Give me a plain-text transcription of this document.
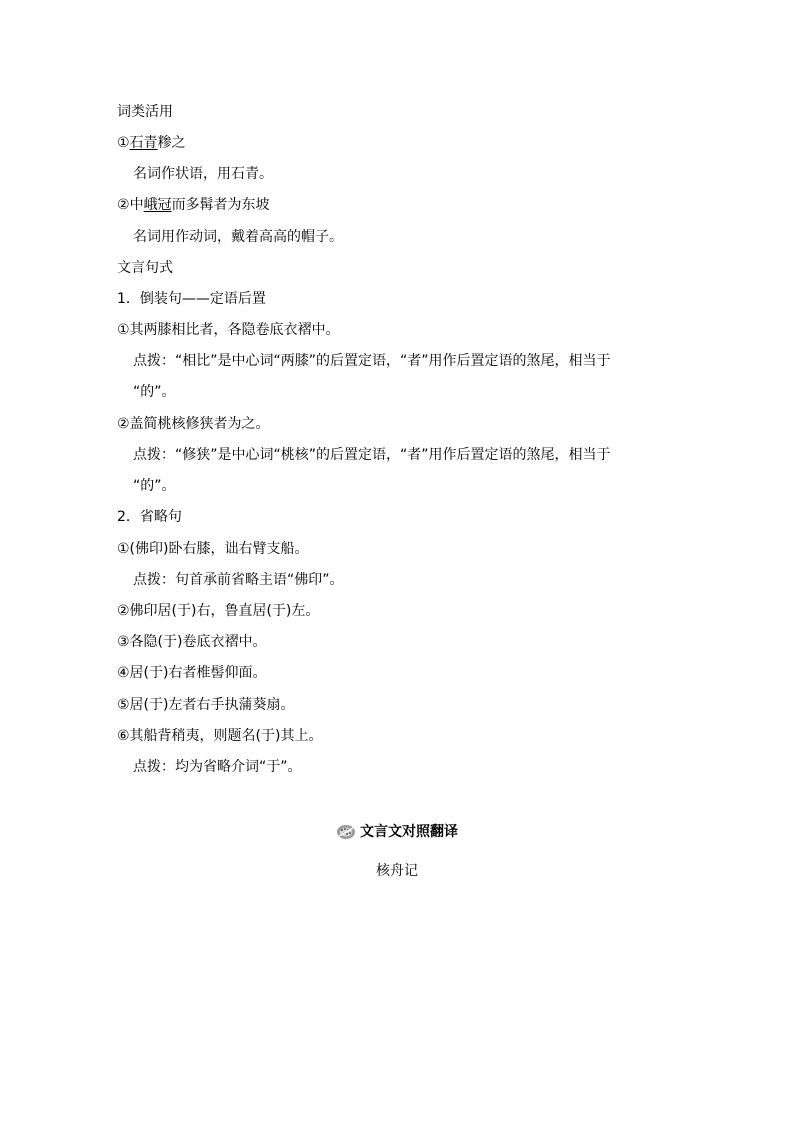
词类活用
①石青糁之
名词作状语，用石青。
②中峨冠而多髯者为东坡
名词用作动词，戴着高高的帽子。
文言句式
1．倒装句——定语后置
①其两膝相比者，各隐卷底衣褶中。
点拨：“相比”是中心词“两膝”的后置定语，“者”用作后置定语的煞尾，相当于
“的”。
②盖简桃核修狭者为之。
点拨：“修狭”是中心词“桃核”的后置定语，“者”用作后置定语的煞尾，相当于
“的”。
2．省略句
①(佛印)卧右膝，诎右臂支船。
点拨：句首承前省略主语“佛印”。
②佛印居(于)右，鲁直居(于)左。
③各隐(于)卷底衣褶中。
④居(于)右者椎髻仰面。
⑤居(于)左者右手执蒲葵扇。
⑥其船背稍夷，则题名(于)其上。
点拨：均为省略介词“于”。
文言文对照翻译
核舟记
